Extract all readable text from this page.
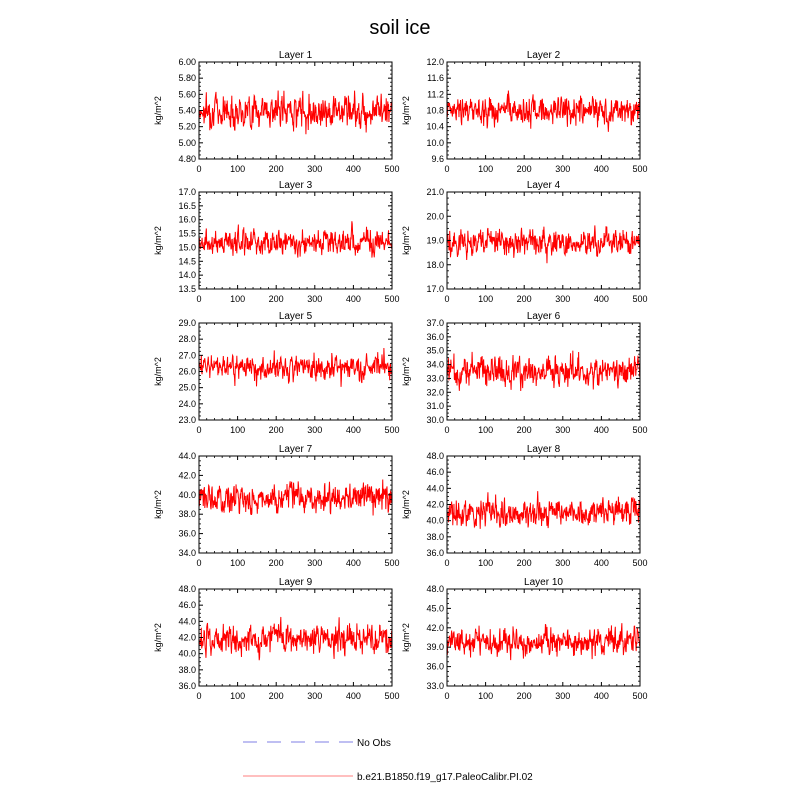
soil ice
Layer 1
0	100	200	300	400	500
4.80
5.00
5.20
5.40
5.60
5.80
6.00
kg/m^2
Layer 2
0	100	200	300	400	500
9.6
10.0
10.4
10.8
11.2
11.6
12.0
kg/m^2
Layer 3
0	100	200	300	400	500
13.5
14.0
14.5
15.0
15.5
16.0
16.5
17.0
kg/m^2
Layer 4
0	100	200	300	400	500
17.0
18.0
19.0
20.0
21.0
kg/m^2
Layer 5
0	100	200	300	400	500
23.0
24.0
25.0
26.0
27.0
28.0
29.0
kg/m^2
Layer 6
0	100	200	300	400	500
30.0
31.0
32.0
33.0
34.0
35.0
36.0
37.0
kg/m^2
Layer 7
0	100	200	300	400	500
34.0
36.0
38.0
40.0
42.0
44.0
kg/m^2
Layer 8
0	100	200	300	400	500
36.0
38.0
40.0
42.0
44.0
46.0
48.0
kg/m^2
Layer 9
0	100	200	300	400	500
36.0
38.0
40.0
42.0
44.0
46.0
48.0
kg/m^2
Layer 10
0	100	200	300	400	500
33.0
36.0
39.0
42.0
45.0
48.0
kg/m^2
No Obs
b.e21.B1850.f19_g17.PaleoCalibr.PI.02
